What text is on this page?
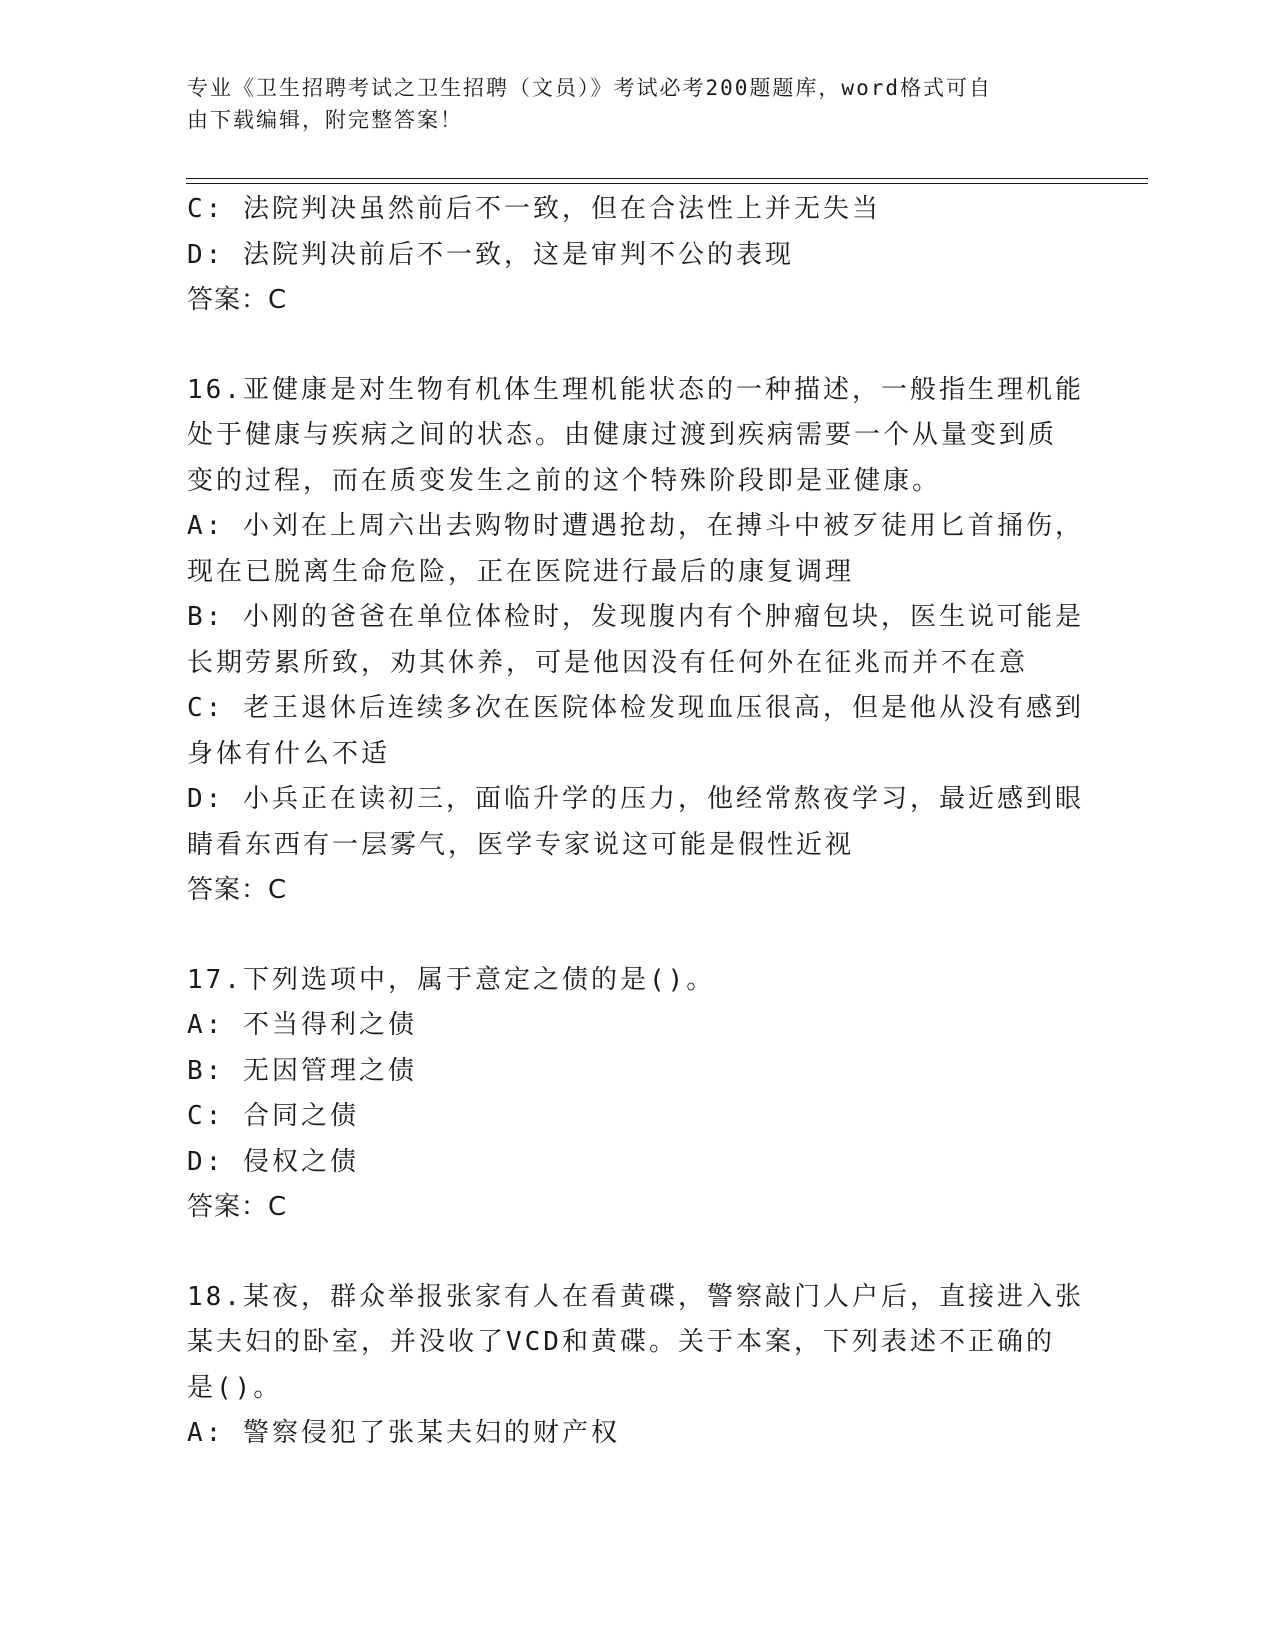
专业《卫生招聘考试之卫生招聘（文员）》考试必考200题题库，word格式可自
由下载编辑，附完整答案！
C: 法院判决虽然前后不一致，但在合法性上并无失当
D: 法院判决前后不一致，这是审判不公的表现
答案：C
16.亚健康是对生物有机体生理机能状态的一种描述，一般指生理机能
处于健康与疾病之间的状态。由健康过渡到疾病需要一个从量变到质
变的过程，而在质变发生之前的这个特殊阶段即是亚健康。
A: 小刘在上周六出去购物时遭遇抢劫，在搏斗中被歹徒用匕首捅伤，
现在已脱离生命危险，正在医院进行最后的康复调理
B: 小刚的爸爸在单位体检时，发现腹内有个肿瘤包块，医生说可能是
长期劳累所致，劝其休养，可是他因没有任何外在征兆而并不在意
C: 老王退休后连续多次在医院体检发现血压很高，但是他从没有感到
身体有什么不适
D: 小兵正在读初三，面临升学的压力，他经常熬夜学习，最近感到眼
睛看东西有一层雾气，医学专家说这可能是假性近视
答案：C
17.下列选项中，属于意定之债的是()。
A: 不当得利之债
B: 无因管理之债
C: 合同之债
D: 侵权之债
答案：C
18.某夜，群众举报张家有人在看黄碟，警察敲门人户后，直接进入张
某夫妇的卧室，并没收了VCD和黄碟。关于本案，下列表述不正确的
是()。
A: 警察侵犯了张某夫妇的财产权
